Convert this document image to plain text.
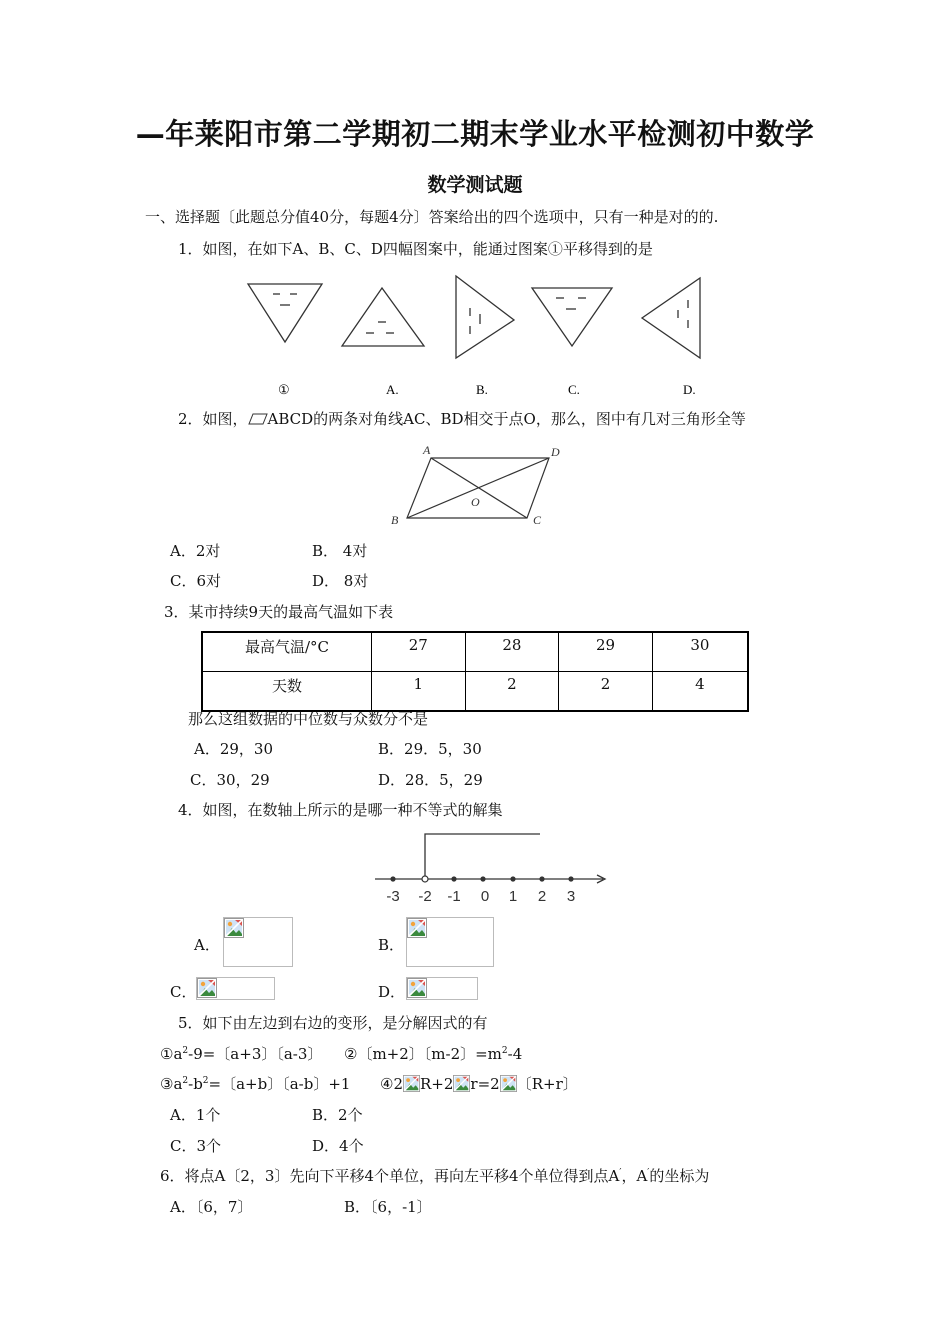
—年莱阳市第二学期初二期末学业水平检测初中数学
数学测试题
一、选择题〔此题总分值40分，每题4分〕答案给出的四个选项中，只有一种是对的的.
1．如图，在如下A、B、C、D四幅图案中，能通过图案①平移得到的是
①	A.	B.	C.	D.
2．如图， ABCD的两条对角线AC、BD相交于点O，那么，图中有几对三角形全等
A	D
O
B	C
A．2对	B． 4对
C．6对	D． 8对
3．某市持续9天的最高气温如下表
最高气温/°C	27	28	29	30
天数	1	2	2	4
那么这组数据的中位数与众数分不是
A．29，30	B．29．5，30
C．30，29	D．28．5，29
4．如图，在数轴上所示的是哪一种不等式的解集
-3 -2 -1 0 1 2 3
A．	B．
C．	D．
5．如下由左边到右边的变形，是分解因式的有
$①a^2-9=$〔a+3〕〔a-3〕 ②〔m+2〕〔m-2〕$=m^2-4$
$③a^2-b^2=$〔a+b〕〔a-b〕+1 ④2 R+2 r=2 〔R+r〕
A．1个	B．2个
C．3个	D．4个
6．将点A〔2，3〕先向下平移4个单位，再向左平移4个单位得到点A′，A′的坐标为
A．〔6，7〕	B．〔6，-1〕
